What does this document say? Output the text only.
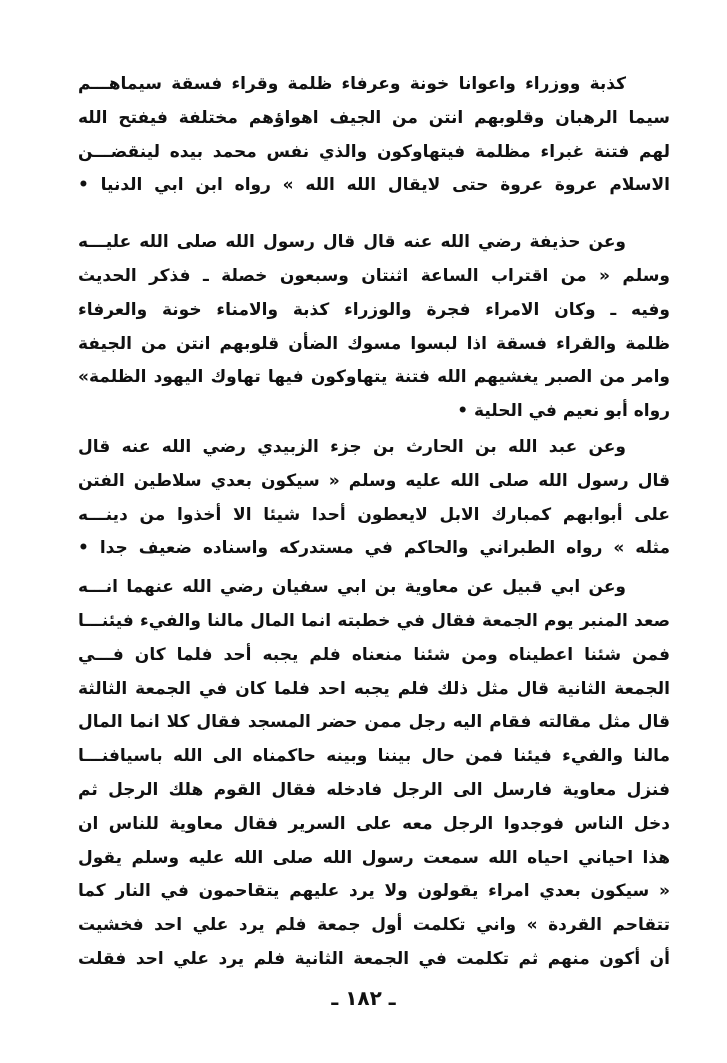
كذبة ووزراء واعوانا خونة وعرفاء ظلمة وقراء فسقة سيماهـــم
سيما الرهبان وقلوبهم انتن من الجيف اهواؤهم مختلفة فيفتح الله
لهم فتنة غبراء مظلمة فيتهاوكون والذي نفس محمد بيده لينقضـــن
الاسلام عروة عروة حتى لايقال الله الله » رواه ابن ابي الدنيا •
وعن حذيفة رضي الله عنه قال قال رسول الله صلى الله عليـــه
وسلم « من اقتراب الساعة اثنتان وسبعون خصلة ـ فذكر الحديث
وفيه ـ وكان الامراء فجرة والوزراء كذبة والامناء خونة والعرفاء
ظلمة والقراء فسقة اذا لبسوا مسوك الضأن قلوبهم انتن من الجيفة
وامر من الصبر يغشيهم الله فتنة يتهاوكون فيها تهاوك اليهود الظلمة»
رواه أبو نعيم في الحلية •
وعن عبد الله بن الحارث بن جزء الزبيدي رضي الله عنه قال
قال رسول الله صلى الله عليه وسلم « سيكون بعدي سلاطين الفتن
على أبوابهم كمبارك الابل لايعطون أحدا شيئا الا أخذوا من دينـــه
مثله » رواه الطبراني والحاكم في مستدركه واسناده ضعيف جدا •
وعن ابي قبيل عن معاوية بن ابي سفيان رضي الله عنهما انـــه
صعد المنبر يوم الجمعة فقال في خطبته انما المال مالنا والفيء فيئنـــا
فمن شئنا اعطيناه ومن شئنا منعناه فلم يجبه أحد فلما كان فـــي
الجمعة الثانية قال مثل ذلك فلم يجبه احد فلما كان في الجمعة الثالثة
قال مثل مقالته فقام اليه رجل ممن حضر المسجد فقال كلا انما المال
مالنا والفيء فيئنا فمن حال بيننا وبينه حاكمناه الى الله باسيافنـــا
فنزل معاوية فارسل الى الرجل فادخله فقال القوم هلك الرجل ثم
دخل الناس فوجدوا الرجل معه على السرير فقال معاوية للناس ان
هذا احياني احياه الله سمعت رسول الله صلى الله عليه وسلم يقول
« سيكون بعدي امراء يقولون ولا يرد عليهم يتقاحمون في النار كما
تتقاحم القردة » واني تكلمت أول جمعة فلم يرد علي احد فخشيت
أن أكون منهم ثم تكلمت في الجمعة الثانية فلم يرد علي احد فقلت
ـ ١٨٢ ـ
